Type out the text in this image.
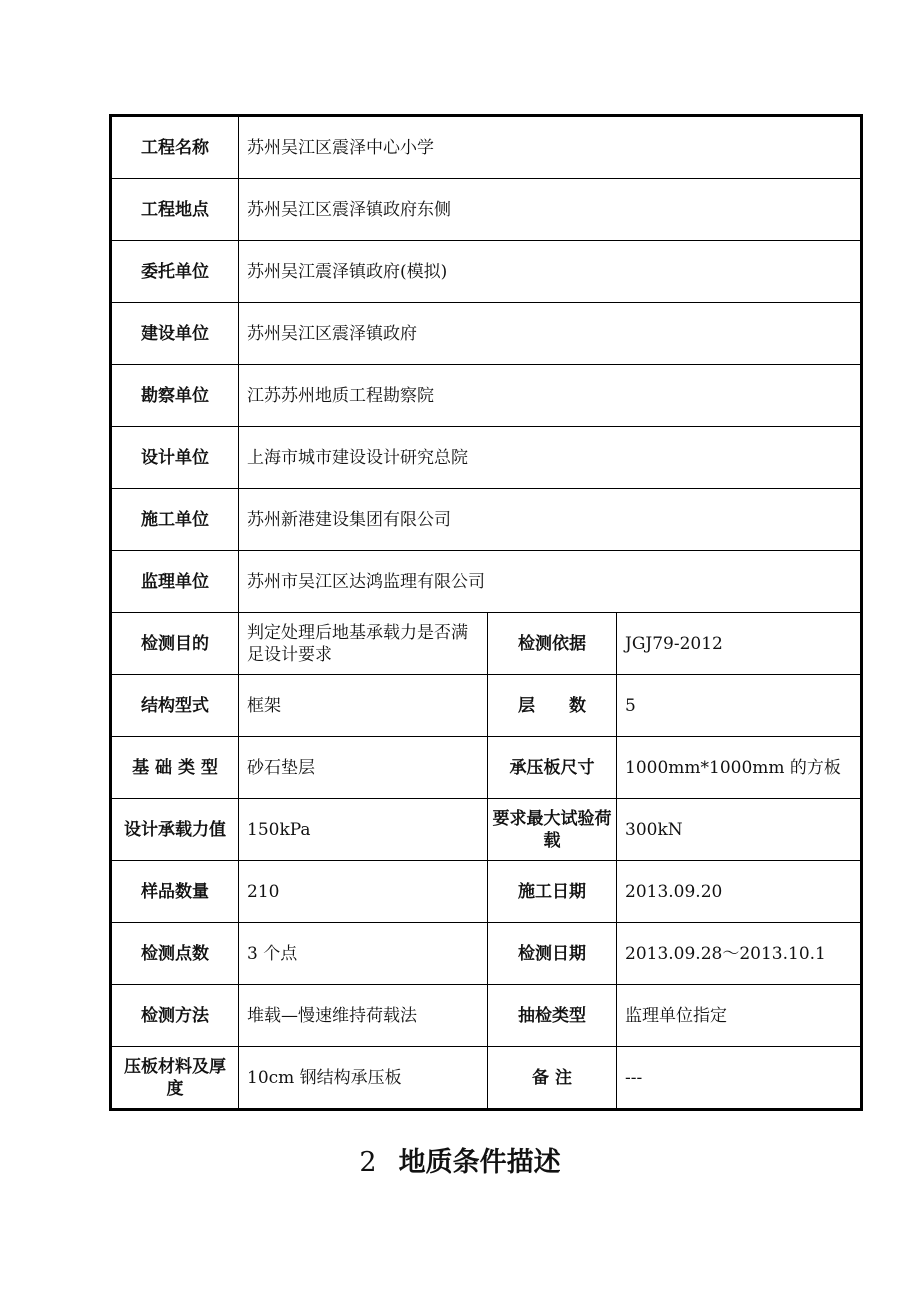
工程名称	苏州吴江区震泽中心小学		
工程地点	苏州吴江区震泽镇政府东侧		
委托单位	苏州吴江震泽镇政府(模拟)		
建设单位	苏州吴江区震泽镇政府		
勘察单位	江苏苏州地质工程勘察院		
设计单位	上海市城市建设设计研究总院		
施工单位	苏州新港建设集团有限公司		
监理单位	苏州市吴江区达鸿监理有限公司		
检测目的	判定处理后地基承载力是否满足设计要求	检测依据	JGJ79-2012
结构型式	框架	层　　数	5
基 础 类 型	砂石垫层	承压板尺寸	1000mm*1000mm 的方板
设计承载力值	150kPa	要求最大试验荷载	300kN
样品数量	210	施工日期	2013.09.20
检测点数	3 个点	检测日期	2013.09.28～2013.10.1
检测方法	堆载—慢速维持荷载法	抽检类型	监理单位指定
压板材料及厚度	10cm 钢结构承压板	备 注	---
2 地质条件描述
